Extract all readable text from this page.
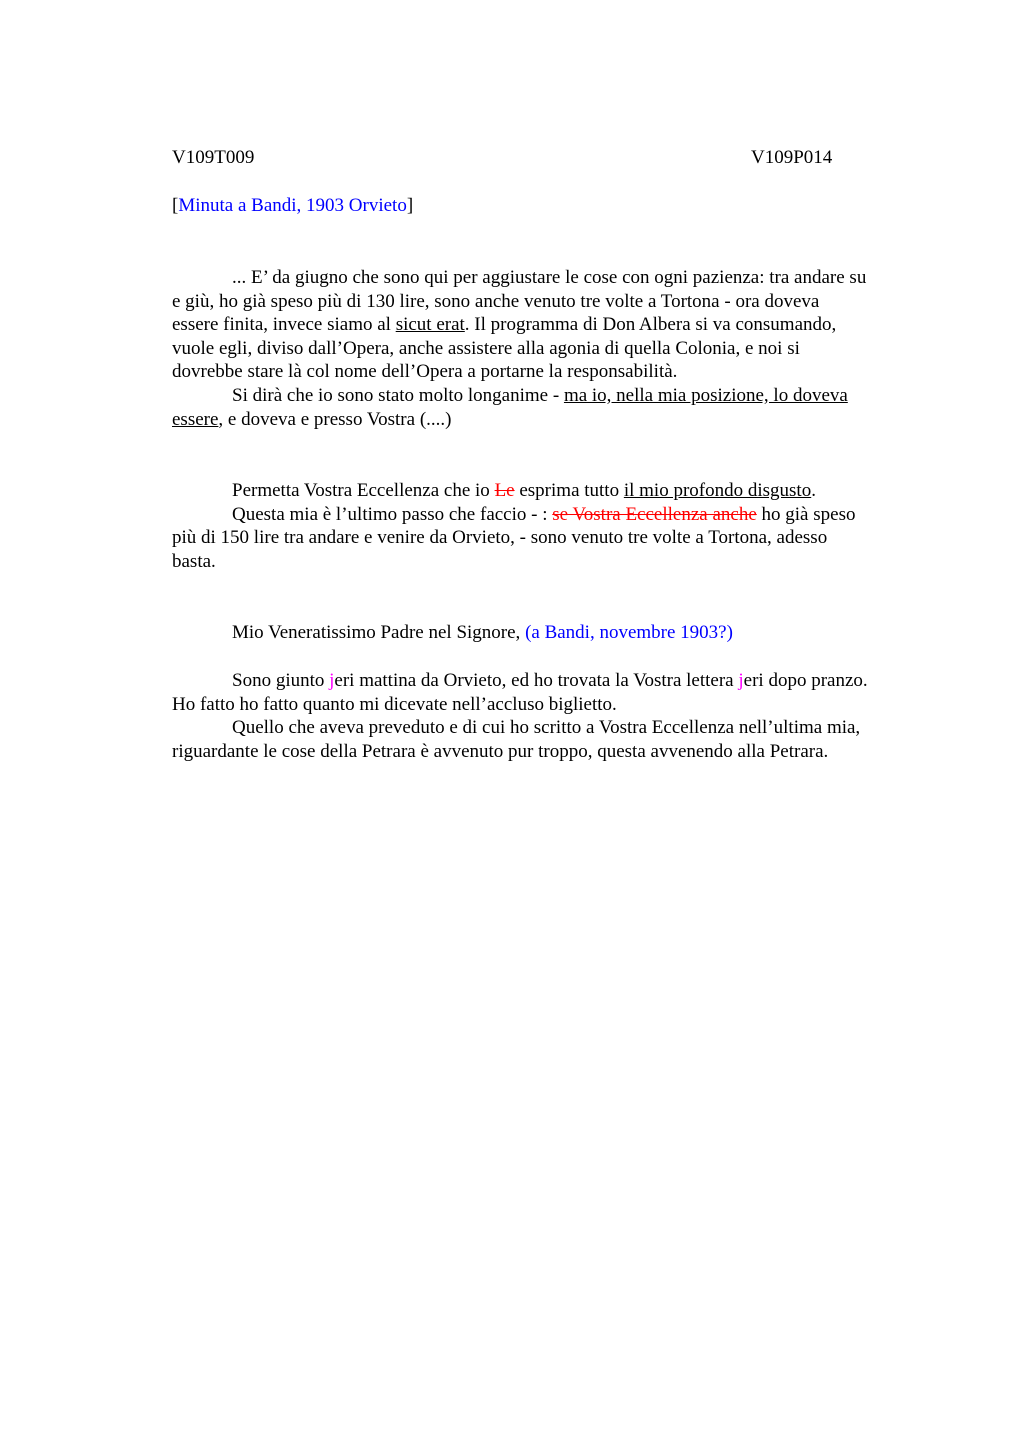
V109T009	V109P014
[Minuta a Bandi, 1903 Orvieto]
... E’ da giugno che sono qui per aggiustare le cose con ogni pazienza: tra andare su
e giù, ho già speso più di 130 lire, sono anche venuto tre volte a Tortona - ora doveva
essere finita, invece siamo al sicut erat. Il programma di Don Albera si va consumando,
vuole egli, diviso dall’Opera, anche assistere alla agonia di quella Colonia, e noi si
dovrebbe stare là col nome dell’Opera a portarne la responsabilità.
Si dirà che io sono stato molto longanime - ma io, nella mia posizione, lo doveva
essere, e doveva e presso Vostra (....)
Permetta Vostra Eccellenza che io Le esprima tutto il mio profondo disgusto.
Questa mia è l’ultimo passo che faccio - : se Vostra Eccellenza anche ho già speso
più di 150 lire tra andare e venire da Orvieto, - sono venuto tre volte a Tortona, adesso
basta.
Mio Veneratissimo Padre nel Signore, (a Bandi, novembre 1903?)
Sono giunto jeri mattina da Orvieto, ed ho trovata la Vostra lettera jeri dopo pranzo.
Ho fatto ho fatto quanto mi dicevate nell’accluso biglietto.
Quello che aveva preveduto e di cui ho scritto a Vostra Eccellenza nell’ultima mia,
riguardante le cose della Petrara è avvenuto pur troppo, questa avvenendo alla Petrara.
